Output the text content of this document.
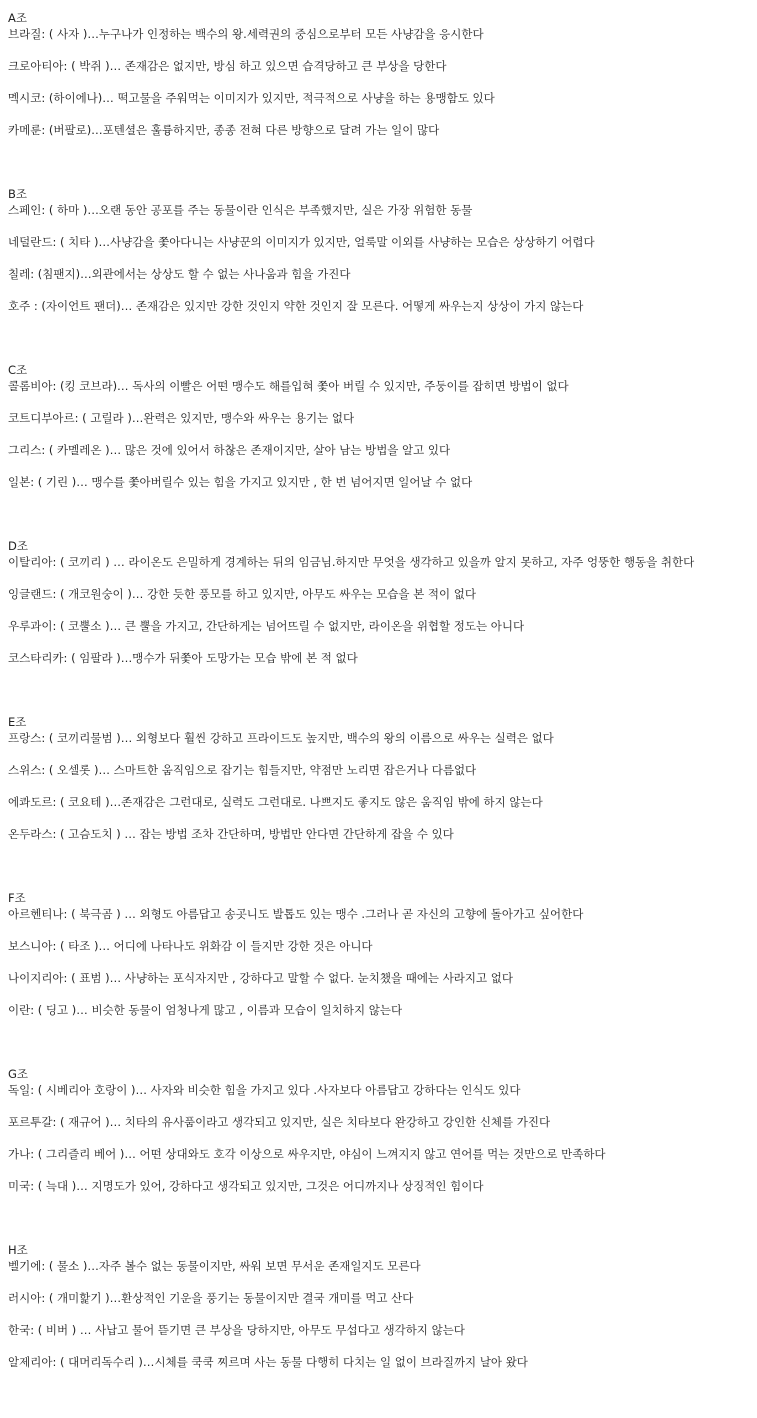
A조
브라질: ( 사자 )…누구나가 인정하는 백수의 왕.세력권의 중심으로부터 모든 사냥감을 응시한다
크로아티아: ( 박쥐 )… 존재감은 없지만, 방심 하고 있으면 습격당하고 큰 부상을 당한다
멕시코: (하이에나)… 떡고물을 주워먹는 이미지가 있지만, 적극적으로 사냥을 하는 용맹함도 있다
카메룬: (버팔로)…포텐셜은 훌륭하지만, 종종 전혀 다른 방향으로 달려 가는 일이 많다
B조
스페인: ( 하마 )…오랜 동안 공포를 주는 동물이란 인식은 부족했지만, 실은 가장 위험한 동물
네덜란드: ( 치타 )…사냥감을 쫓아다니는 사냥꾼의 이미지가 있지만, 얼룩말 이외를 사냥하는 모습은 상상하기 어렵다
칠레: (침팬지)…외관에서는 상상도 할 수 없는 사나움과 힘을 가진다
호주 : (자이언트 팬더)… 존재감은 있지만 강한 것인지 약한 것인지 잘 모른다. 어떻게 싸우는지 상상이 가지 않는다
C조
콜롬비아: (킹 코브라)… 독사의 이빨은 어떤 맹수도 해를입혀 쫓아 버릴 수 있지만, 주둥이를 잡히면 방법이 없다
코트디부아르: ( 고릴라 )…완력은 있지만, 맹수와 싸우는 용기는 없다
그리스: ( 카멜레온 )… 많은 것에 있어서 하찮은 존재이지만, 살아 남는 방법을 알고 있다
일본: ( 기린 )… 맹수를 쫓아버릴수 있는 힘을 가지고 있지만 , 한 번 넘어지면 일어날 수 없다
D조
이탈리아: ( 코끼리 ) … 라이온도 은밀하게 경계하는 뒤의 임금님.하지만 무엇을 생각하고 있을까 알지 못하고, 자주 엉뚱한 행동을 취한다
잉글랜드: ( 개코원숭이 )… 강한 듯한 풍모를 하고 있지만, 아무도 싸우는 모습을 본 적이 없다
우루과이: ( 코뿔소 )… 큰 뿔을 가지고, 간단하게는 넘어뜨릴 수 없지만, 라이온을 위협할 정도는 아니다
코스타리카: ( 임팔라 )…맹수가 뒤쫓아 도망가는 모습 밖에 본 적 없다
E조
프랑스: ( 코끼리물범 )… 외형보다 훨씬 강하고 프라이드도 높지만, 백수의 왕의 이름으로 싸우는 실력은 없다
스위스: ( 오셀롯 )… 스마트한 움직임으로 잡기는 힘들지만, 약점만 노리면 잡은거나 다름없다
에콰도르: ( 코요테 )…존재감은 그런대로, 실력도 그런대로. 나쁘지도 좋지도 않은 움직임 밖에 하지 않는다
온두라스: ( 고슴도치 ) … 잡는 방법 조차 간단하며, 방법만 안다면 간단하게 잡을 수 있다
F조
아르헨티나: ( 북극곰 ) … 외형도 아름답고 송곳니도 발톱도 있는 맹수 .그러나 곧 자신의 고향에 돌아가고 싶어한다
보스니아: ( 타조 )… 어디에 나타나도 위화감 이 들지만 강한 것은 아니다
나이지리아: ( 표범 )… 사냥하는 포식자지만 , 강하다고 말할 수 없다. 눈치챘을 때에는 사라지고 없다
이란: ( 딩고 )… 비슷한 동물이 엄청나게 많고 , 이름과 모습이 일치하지 않는다
G조
독일: ( 시베리아 호랑이 )… 사자와 비슷한 힘을 가지고 있다 .사자보다 아름답고 강하다는 인식도 있다
포르투갈: ( 재규어 )… 치타의 유사품이라고 생각되고 있지만, 실은 치타보다 완강하고 강인한 신체를 가진다
가나: ( 그리즐리 베어 )… 어떤 상대와도 호각 이상으로 싸우지만, 야심이 느껴지지 않고 연어를 먹는 것만으로 만족하다
미국: ( 늑대 )… 지명도가 있어, 강하다고 생각되고 있지만, 그것은 어디까지나 상징적인 힘이다
H조
벨기에: ( 물소 )…자주 볼수 없는 동물이지만, 싸워 보면 무서운 존재일지도 모른다
러시아: ( 개미핥기 )…환상적인 기운을 풍기는 동물이지만 결국 개미를 먹고 산다
한국: ( 비버 ) … 사납고 물어 뜯기면 큰 부상을 당하지만, 아무도 무섭다고 생각하지 않는다
알제리아: ( 대머리독수리 )…시체를 쿡쿡 찌르며 사는 동물 다행히 다치는 일 없이 브라질까지 날아 왔다
